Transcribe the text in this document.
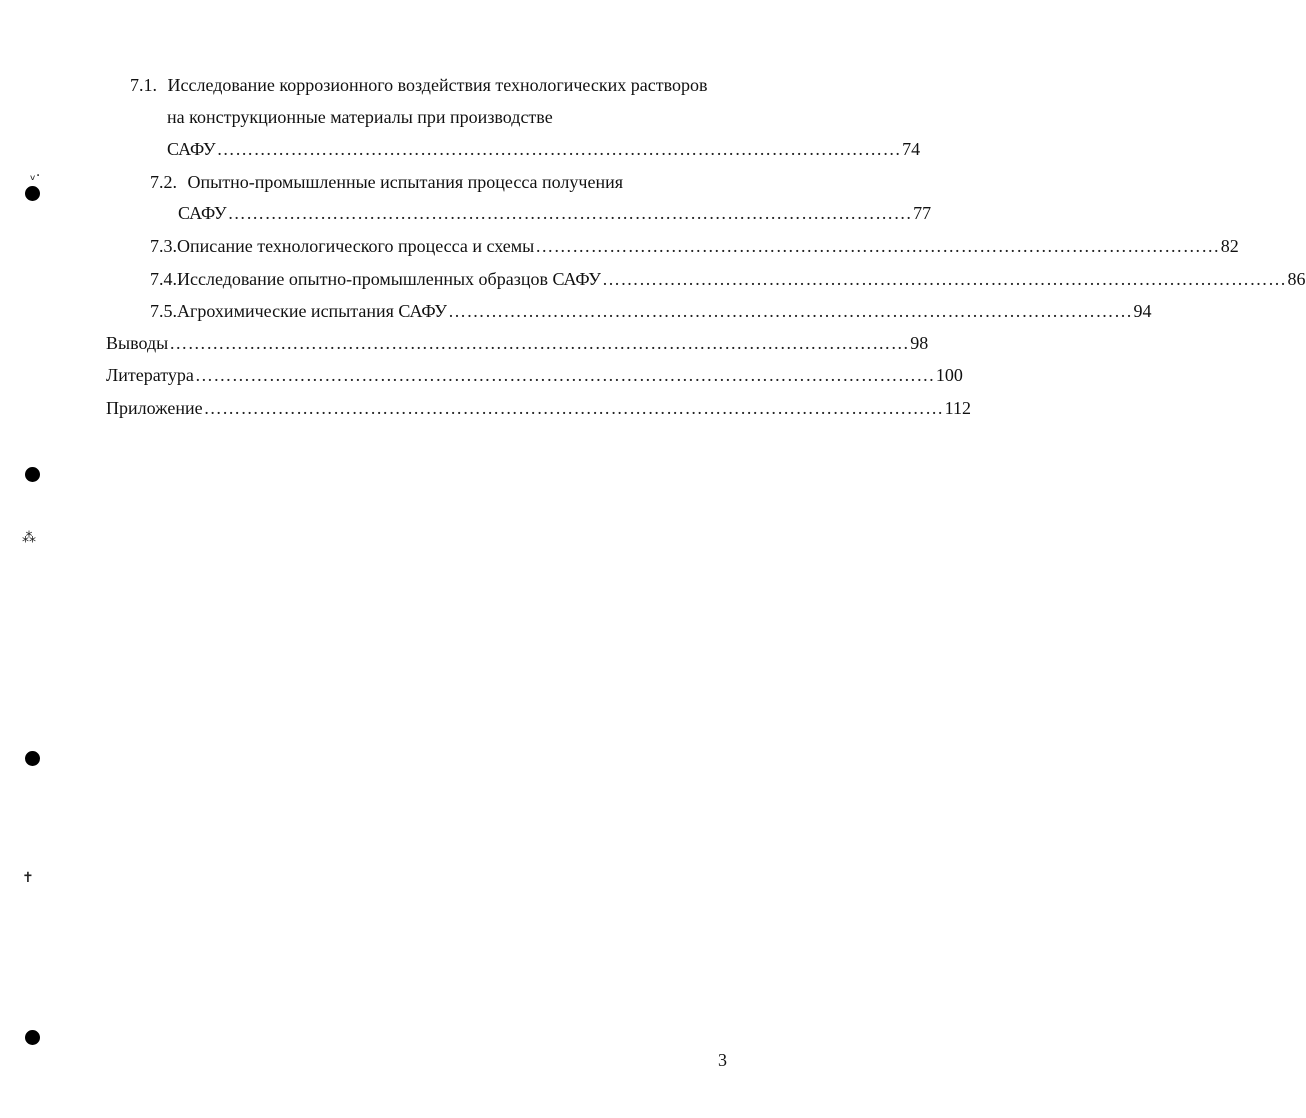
7.1. Исследование коррозионного воздействия технологических растворов
на конструкционные материалы при производстве
САФУ ………………………………………………………………………………………………… 74
7.2. Опытно-промышленные испытания процесса получения
САФУ ………………………………………………………………………………………………… 77
7.3. Описание технологического процесса и схемы ………………………………………………………………………………………………… 82
7.4. Исследование опытно-промышленных образцов САФУ ………………………………………………………………………………………………… 86
7.5. Агрохимические испытания САФУ ………………………………………………………………………………………………… 94
Выводы ………………………………………………………………………………………………………… 98
Литература ………………………………………………………………………………………………………… 100
Приложение ………………………………………………………………………………………………………… 112
ᵥ·
⁂
✝
3
